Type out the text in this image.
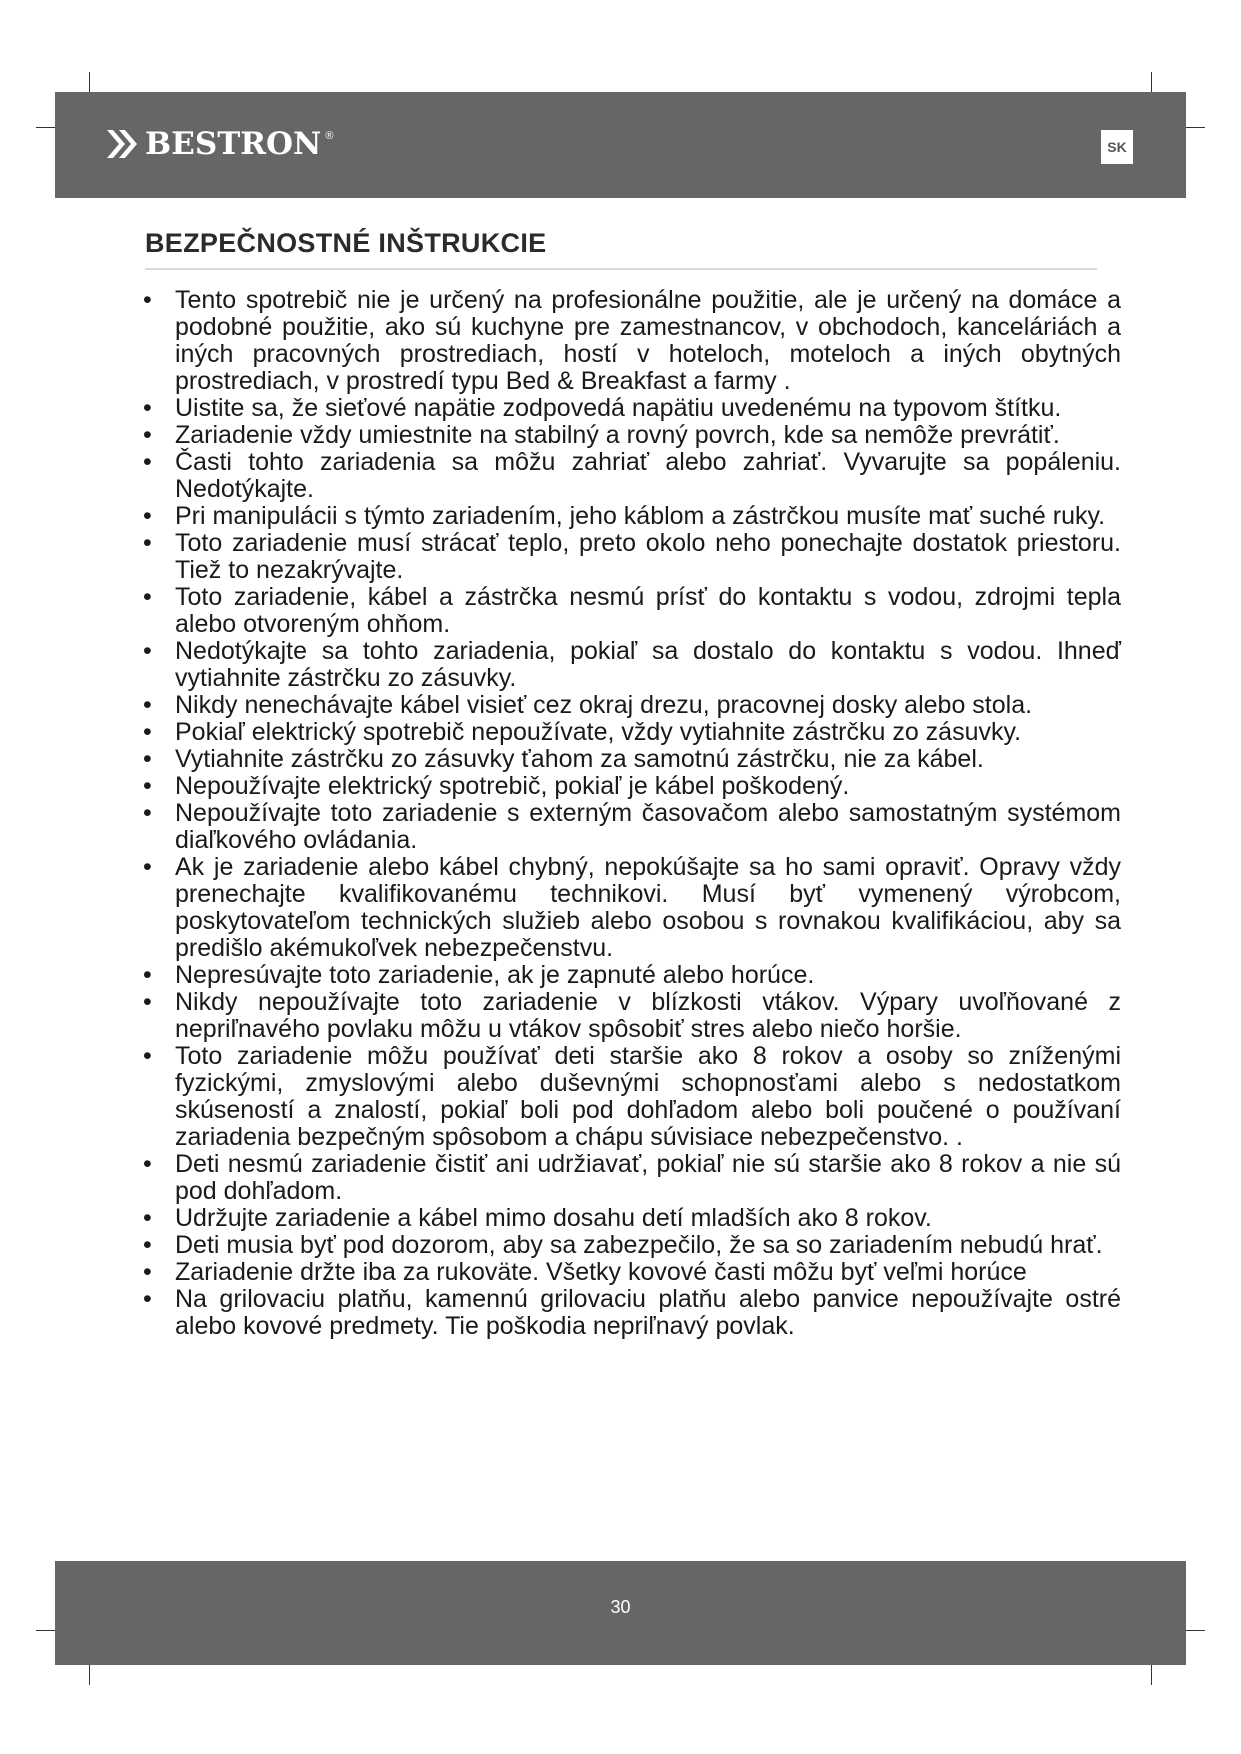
BESTRON ®
SK
BEZPEČNOSTNÉ INŠTRUKCIE
• Tento spotrebič nie je určený na profesionálne použitie, ale je určený na domáce a podobné použitie, ako sú kuchyne pre zamestnancov, v obchodoch, kanceláriách a iných pracovných prostrediach, hostí v hoteloch, moteloch a iných obytných prostrediach, v prostredí typu Bed & Breakfast a farmy .
• Uistite sa, že sieťové napätie zodpovedá napätiu uvedenému na typovom štítku.
• Zariadenie vždy umiestnite na stabilný a rovný povrch, kde sa nemôže prevrátiť.
• Časti tohto zariadenia sa môžu zahriať alebo zahriať. Vyvarujte sa popáleniu. Nedotýkajte.
• Pri manipulácii s týmto zariadením, jeho káblom a zástrčkou musíte mať suché ruky.
• Toto zariadenie musí strácať teplo, preto okolo neho ponechajte dostatok priestoru. Tiež to nezakrývajte.
• Toto zariadenie, kábel a zástrčka nesmú prísť do kontaktu s vodou, zdrojmi tepla alebo otvoreným ohňom.
• Nedotýkajte sa tohto zariadenia, pokiaľ sa dostalo do kontaktu s vodou. Ihneď vytiahnite zástrčku zo zásuvky.
• Nikdy nenechávajte kábel visieť cez okraj drezu, pracovnej dosky alebo stola.
• Pokiaľ elektrický spotrebič nepoužívate, vždy vytiahnite zástrčku zo zásuvky.
• Vytiahnite zástrčku zo zásuvky ťahom za samotnú zástrčku, nie za kábel.
• Nepoužívajte elektrický spotrebič, pokiaľ je kábel poškodený.
• Nepoužívajte toto zariadenie s externým časovačom alebo samostatným systémom diaľkového ovládania.
• Ak je zariadenie alebo kábel chybný, nepokúšajte sa ho sami opraviť. Opravy vždy prenechajte kvalifikovanému technikovi. Musí byť vymenený výrobcom, poskytovateľom technických služieb alebo osobou s rovnakou kvalifikáciou, aby sa predišlo akémukoľvek nebezpečenstvu.
• Nepresúvajte toto zariadenie, ak je zapnuté alebo horúce.
• Nikdy nepoužívajte toto zariadenie v blízkosti vtákov. Výpary uvoľňované z nepriľnavého povlaku môžu u vtákov spôsobiť stres alebo niečo horšie.
• Toto zariadenie môžu používať deti staršie ako 8 rokov a osoby so zníženými fyzickými, zmyslovými alebo duševnými schopnosťami alebo s nedostatkom skúseností a znalostí, pokiaľ boli pod dohľadom alebo boli poučené o používaní zariadenia bezpečným spôsobom a chápu súvisiace nebezpečenstvo. .
• Deti nesmú zariadenie čistiť ani udržiavať, pokiaľ nie sú staršie ako 8 rokov a nie sú pod dohľadom.
• Udržujte zariadenie a kábel mimo dosahu detí mladších ako 8 rokov.
• Deti musia byť pod dozorom, aby sa zabezpečilo, že sa so zariadením nebudú hrať.
• Zariadenie držte iba za rukoväte. Všetky kovové časti môžu byť veľmi horúce
• Na grilovaciu platňu, kamennú grilovaciu platňu alebo panvice nepoužívajte ostré alebo kovové predmety. Tie poškodia nepriľnavý povlak.
30
